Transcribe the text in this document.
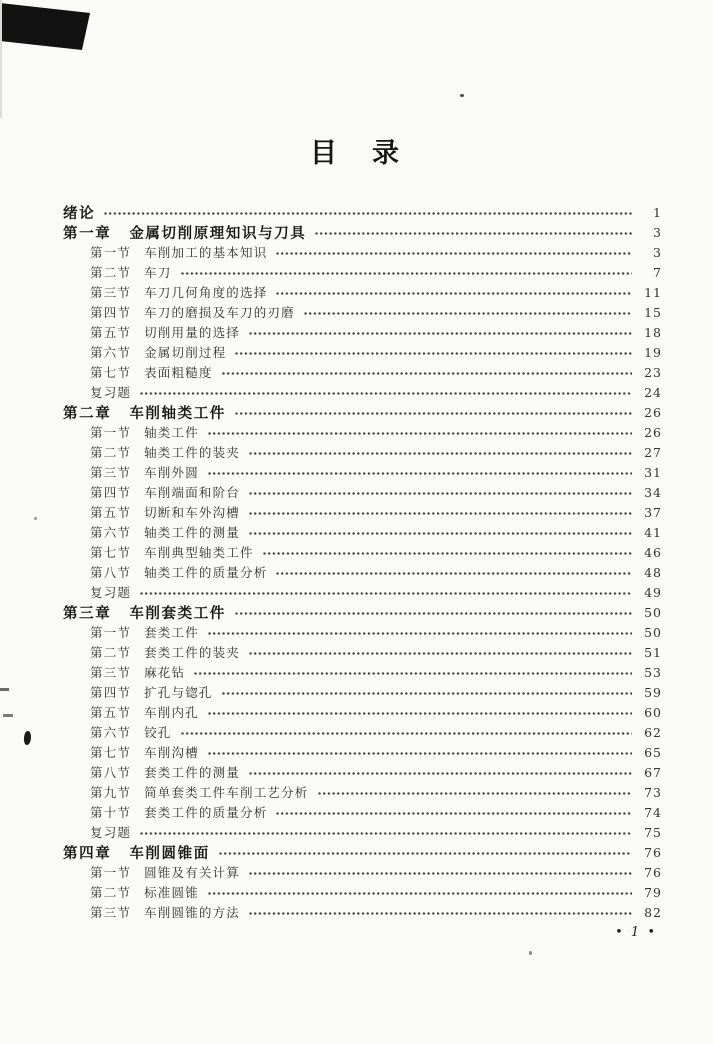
目　录
绪论	1
第一章 金属切削原理知识与刀具	3
第一节 车削加工的基本知识	3
第二节 车刀	7
第三节 车刀几何角度的选择	11
第四节 车刀的磨损及车刀的刃磨	15
第五节 切削用量的选择	18
第六节 金属切削过程	19
第七节 表面粗糙度	23
复习题	24
第二章 车削轴类工件	26
第一节 轴类工件	26
第二节 轴类工件的装夹	27
第三节 车削外圆	31
第四节 车削端面和阶台	34
第五节 切断和车外沟槽	37
第六节 轴类工件的测量	41
第七节 车削典型轴类工件	46
第八节 轴类工件的质量分析	48
复习题	49
第三章 车削套类工件	50
第一节 套类工件	50
第二节 套类工件的装夹	51
第三节 麻花钻	53
第四节 扩孔与锪孔	59
第五节 车削内孔	60
第六节 铰孔	62
第七节 车削沟槽	65
第八节 套类工件的测量	67
第九节 简单套类工件车削工艺分析	73
第十节 套类工件的质量分析	74
复习题	75
第四章 车削圆锥面	76
第一节 圆锥及有关计算	76
第二节 标准圆锥	79
第三节 车削圆锥的方法	82
• 1 •
